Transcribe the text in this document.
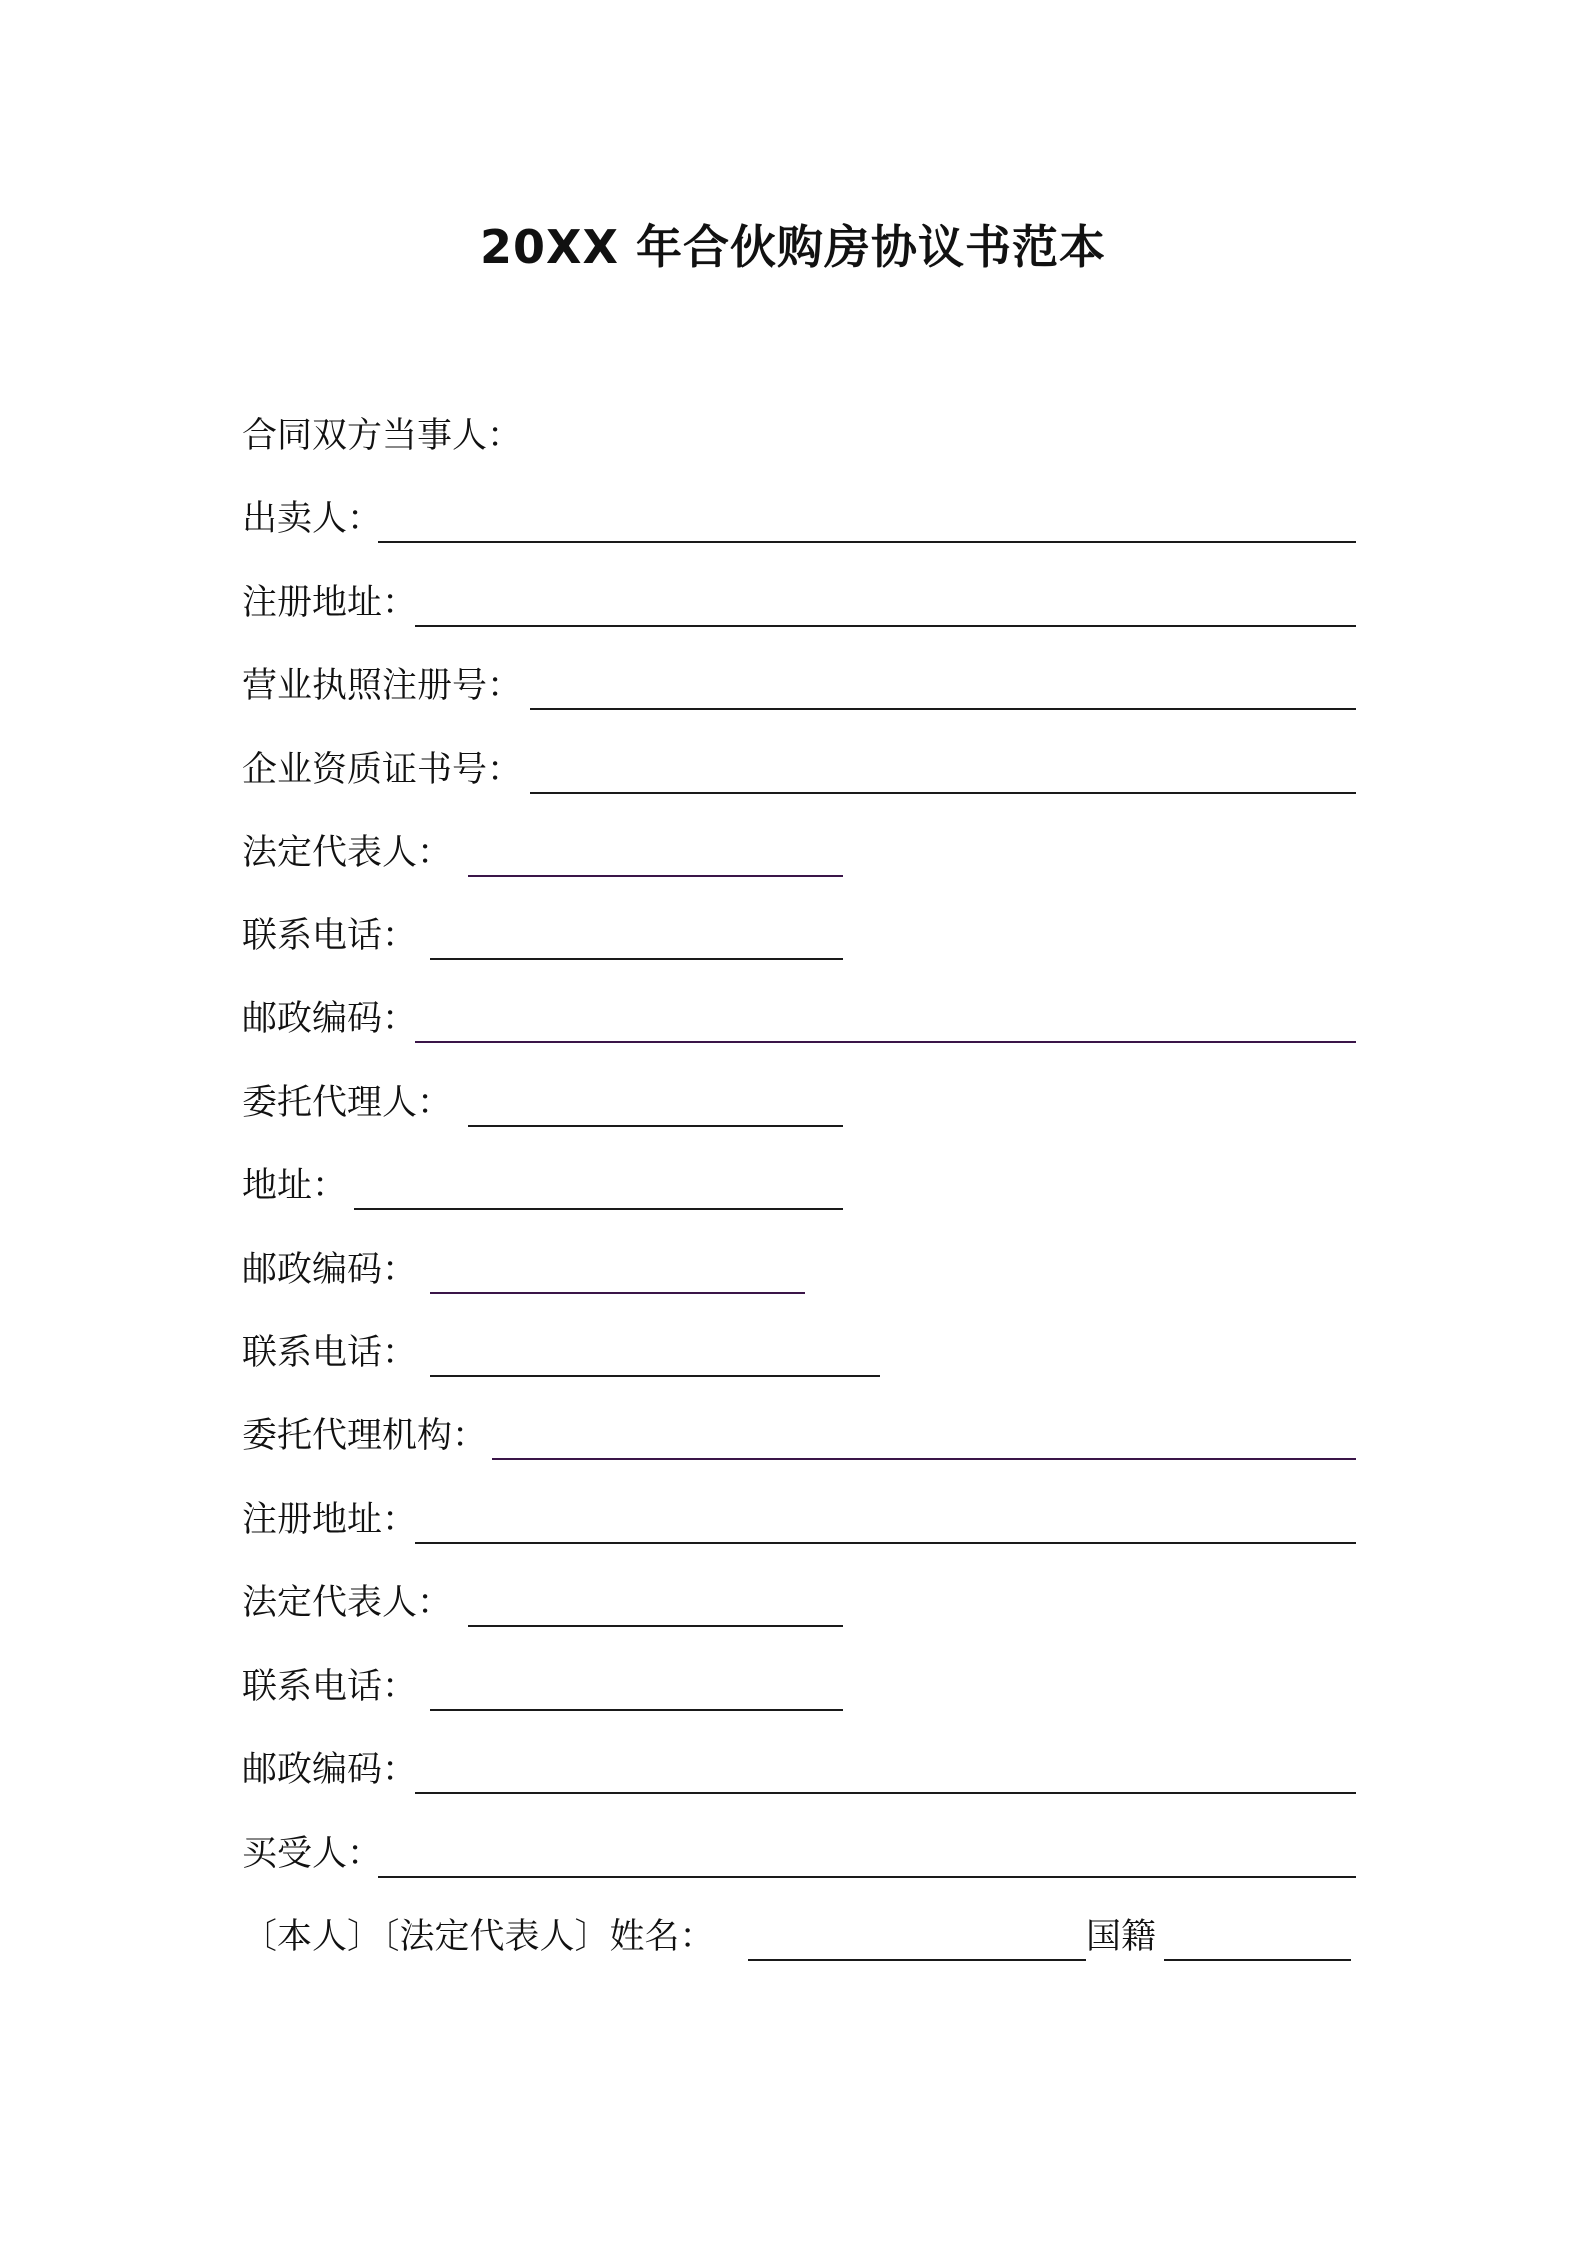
20XX 年合伙购房协议书范本
合同双方当事人：
出卖人：
注册地址：
营业执照注册号：
企业资质证书号：
法定代表人：
联系电话：
邮政编码：
委托代理人：
地址：
邮政编码：
联系电话：
委托代理机构：
注册地址：
法定代表人：
联系电话：
邮政编码：
买受人：
〔本人〕〔法定代表人〕姓名：	国籍
